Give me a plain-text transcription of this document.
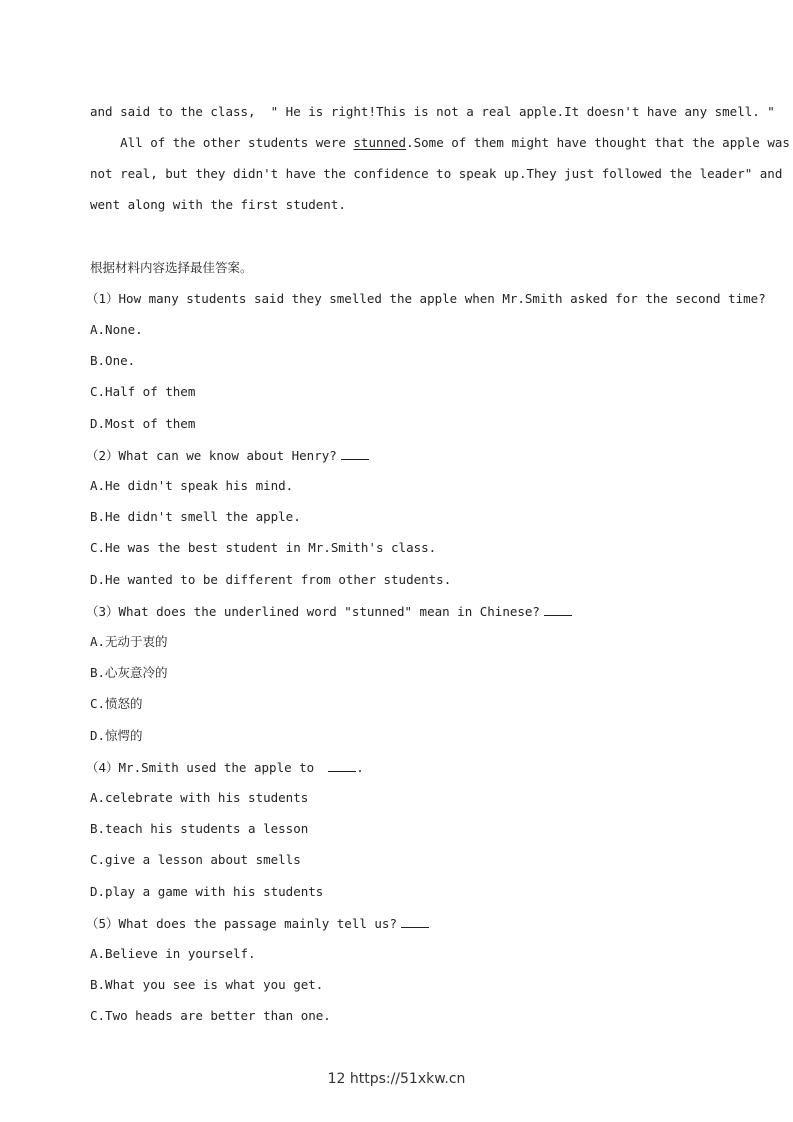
and said to the class,  " He is right!This is not a real apple.It doesn't have any smell. "
All of the other students were stunned.Some of them might have thought that the apple was
not real, but they didn't have the confidence to speak up.They just followed the leader" and
went along with the first student.
根据材料内容选择最佳答案。
（1）How many students said they smelled the apple when Mr.Smith asked for the second time?
A.None.
B.One.
C.Half of them
D.Most of them
（2）What can we know about Henry?
A.He didn't speak his mind.
B.He didn't smell the apple.
C.He was the best student in Mr.Smith's class.
D.He wanted to be different from other students.
（3）What does the underlined word "stunned" mean in Chinese?
A.无动于衷的
B.心灰意冷的
C.愤怒的
D.惊愕的
（4）Mr.Smith used the apple to	.
A.celebrate with his students
B.teach his students a lesson
C.give a lesson about smells
D.play a game with his students
（5）What does the passage mainly tell us?
A.Believe in yourself.
B.What you see is what you get.
C.Two heads are better than one.
12 https://51xkw.cn
